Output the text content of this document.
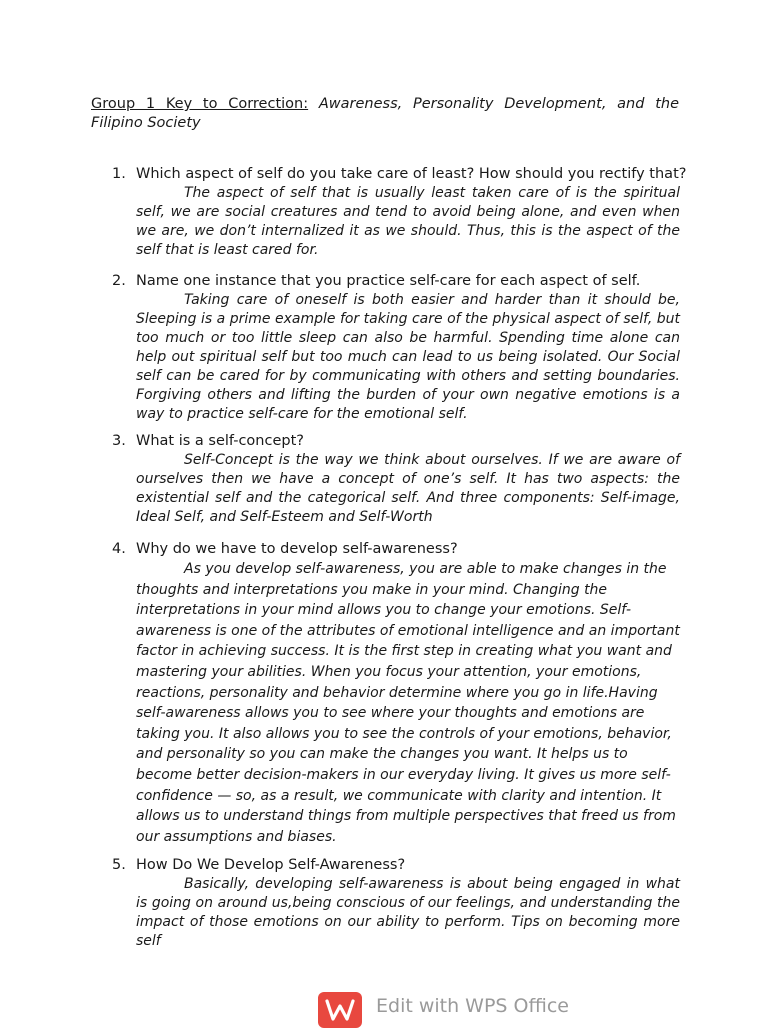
Group 1 Key to Correction: Awareness, Personality Development, and the Filipino Society
1. Which aspect of self do you take care of least? How should you rectify that?
The aspect of self that is usually least taken care of is the spiritual self, we are social creatures and tend to avoid being alone, and even when we are, we don’t internalized it as we should. Thus, this is the aspect of the self that is least cared for.
2. Name one instance that you practice self-care for each aspect of self.
Taking care of oneself is both easier and harder than it should be, Sleeping is a prime example for taking care of the physical aspect of self, but too much or too little sleep can also be harmful. Spending time alone can help out spiritual self but too much can lead to us being isolated. Our Social self can be cared for by communicating with others and setting boundaries. Forgiving others and lifting the burden of your own negative emotions is a way to practice self-care for the emotional self.
3. What is a self-concept?
Self-Concept is the way we think about ourselves. If we are aware of ourselves then we have a concept of one’s self. It has two aspects: the existential self and the categorical self. And three components: Self-image, Ideal Self, and Self-Esteem and Self-Worth
4. Why do we have to develop self-awareness?
As you develop self-awareness, you are able to make changes in the thoughts and interpretations you make in your mind. Changing the interpretations in your mind allows you to change your emotions. Self-awareness is one of the attributes of emotional intelligence and an important factor in achieving success. It is the first step in creating what you want and mastering your abilities. When you focus your attention, your emotions, reactions, personality and behavior determine where you go in life.Having self-awareness allows you to see where your thoughts and emotions are taking you. It also allows you to see the controls of your emotions, behavior, and personality so you can make the changes you want. It helps us to become better decision-makers in our everyday living. It gives us more self-confidence — so, as a result, we communicate with clarity and intention. It allows us to understand things from multiple perspectives that freed us from our assumptions and biases.
5. How Do We Develop Self-Awareness?
Basically, developing self-awareness is about being engaged in what is going on around us,being conscious of our feelings, and understanding the impact of those emotions on our ability to perform. Tips on becoming more self
Edit with WPS Office
